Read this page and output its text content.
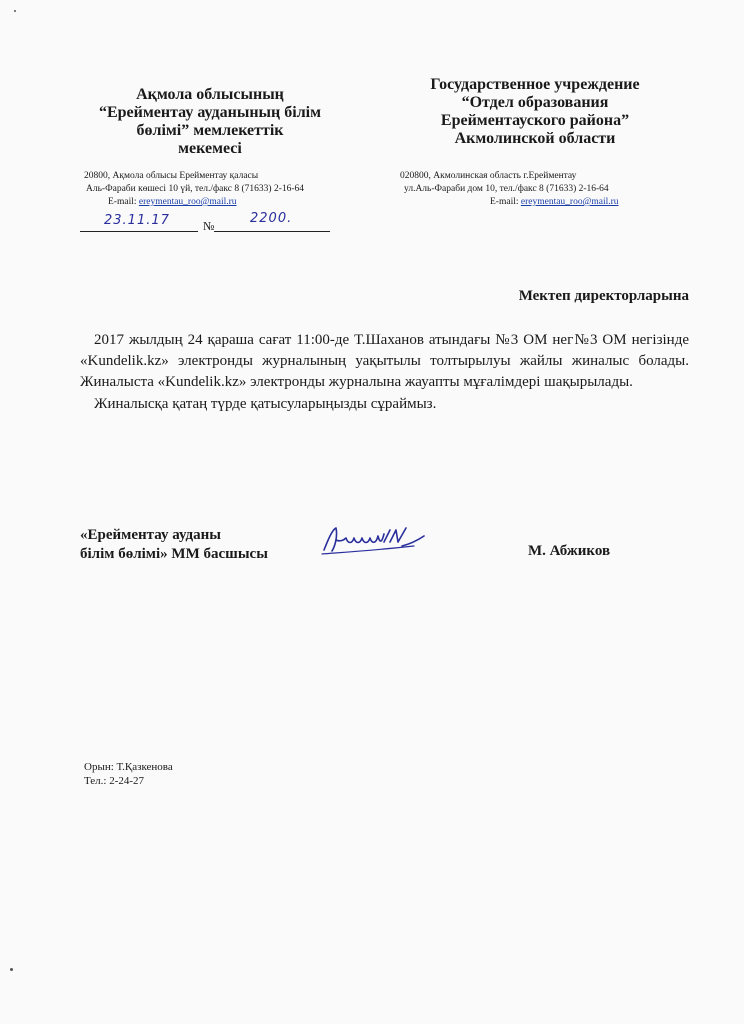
Ақмола облысының
“Ерейментау ауданының білім
бөлімі” мемлекеттік
мекемесі
20800, Ақмола облысы Ерейментау қаласы
Аль-Фараби көшесі 10 үй, тел./факс 8 (71633) 2-16-64
E-mail: ereymentau_roo@mail.ru
Государственное учреждение
“Отдел образования
Ерейментауского района”
Акмолинской области
020800, Акмолинская область г.Ерейментау
ул.Аль-Фараби дом 10, тел./факс 8 (71633) 2-16-64
E-mail: ereymentau_roo@mail.ru
23.11.17	№	2200.
Мектеп директорларына

2017 жылдың 24 қараша сағат 11:00-де Т.Шаханов атындағы №3 ОМ нег№3 ОМ негізінде «Kundelik.kz» электронды журналының уақытылы толтырылуы жайлы жиналыс болады. Жиналыста «Kundelik.kz» электронды журналына жауапты мұғалімдері шақырылады.

Жиналысқа қатаң түрде қатысуларыңызды сұраймыз.

«Ерейментау ауданы
білім бөлімі» ММ басшысы	М. Абжиков
Орын: Т.Қазкенова
Тел.: 2-24-27
